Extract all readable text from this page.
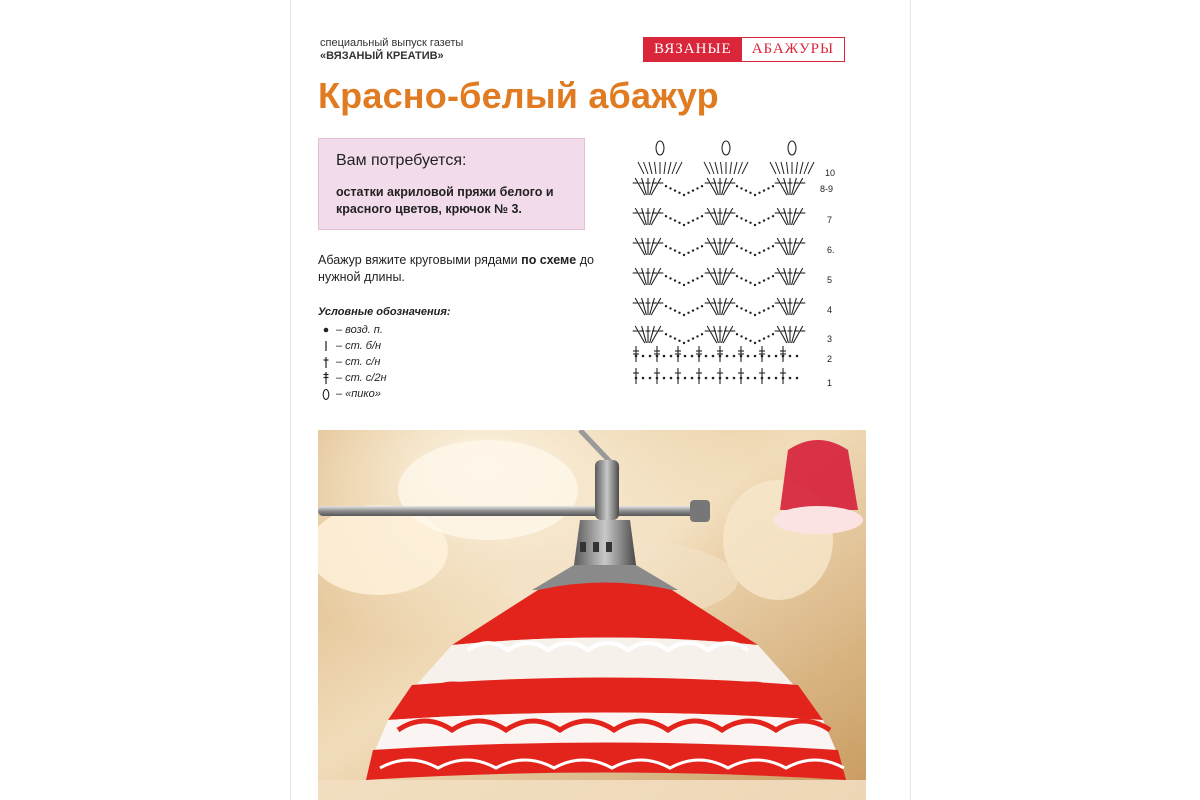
специальный выпуск газеты
«ВЯЗАНЫЙ КРЕАТИВ»	ВЯЗАНЫЕ	АБАЖУРЫ
Красно-белый абажур
Вам потребуется:
остатки акриловой пряжи белого и красного цветов, крючок № 3.
Абажур вяжите круговыми рядами по схеме до нужной длины.
Условные обозначения:
– возд. п.
– ст. б/н
– ст. с/н
– ст. с/2н
– «пико»
1
2
3
4
5
6.
7
8-9
10
